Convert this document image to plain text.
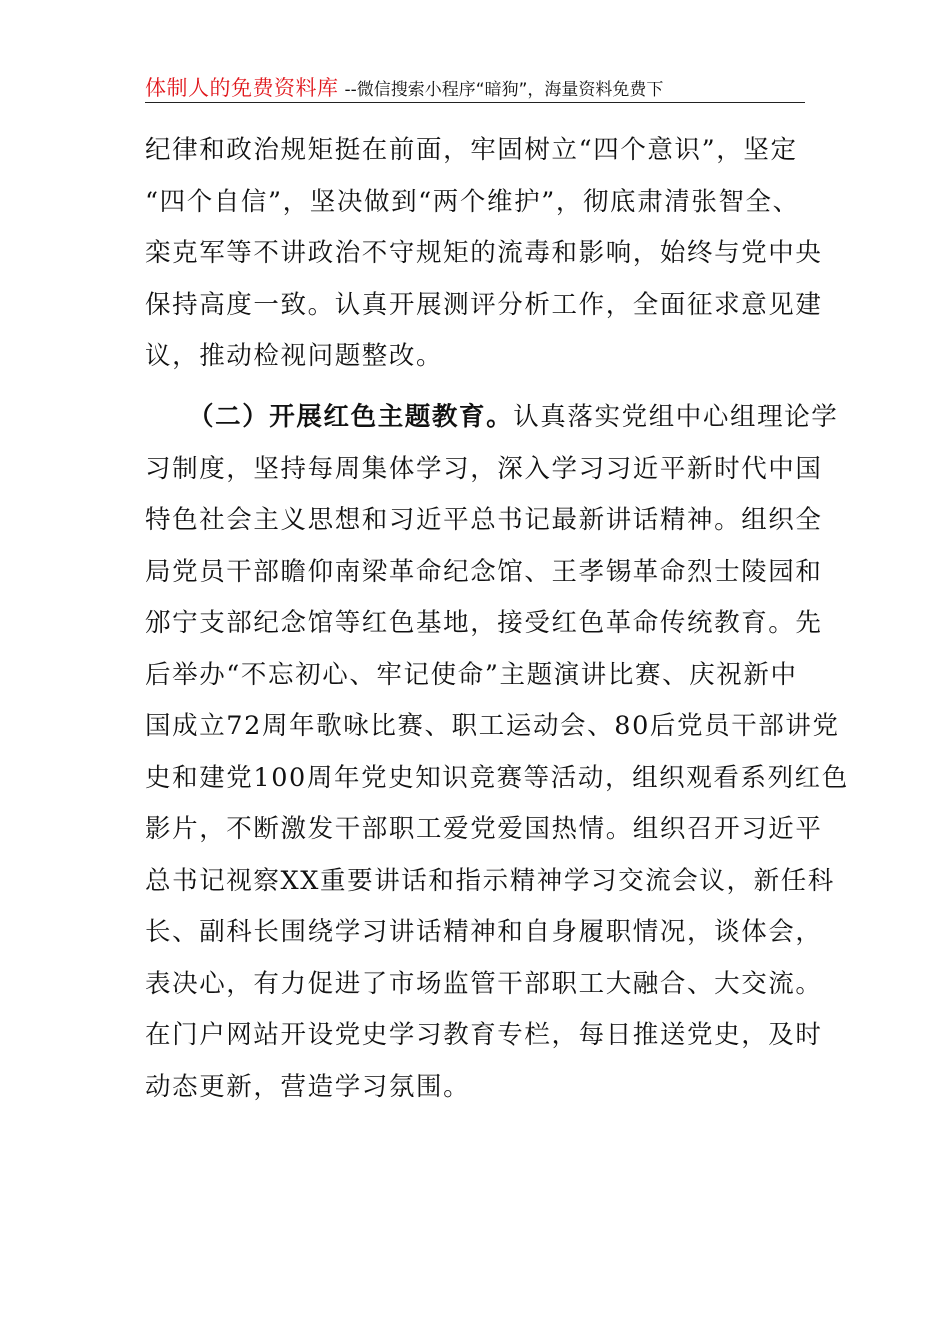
体制人的免费资料库 --微信搜索小程序“暗狗”，海量资料免费下
纪律和政治规矩挺在前面，牢固树立“四个意识”，坚定
“四个自信”，坚决做到“两个维护”，彻底肃清张智全、
栾克军等不讲政治不守规矩的流毒和影响，始终与党中央
保持高度一致。认真开展测评分析工作，全面征求意见建
议，推动检视问题整改。
（二）开展红色主题教育。认真落实党组中心组理论学
习制度，坚持每周集体学习，深入学习习近平新时代中国
特色社会主义思想和习近平总书记最新讲话精神。组织全
局党员干部瞻仰南梁革命纪念馆、王孝锡革命烈士陵园和
邠宁支部纪念馆等红色基地，接受红色革命传统教育。先
后举办“不忘初心、牢记使命”主题演讲比赛、庆祝新中
国成立72周年歌咏比赛、职工运动会、80后党员干部讲党
史和建党100周年党史知识竞赛等活动，组织观看系列红色
影片，不断激发干部职工爱党爱国热情。组织召开习近平
总书记视察XX重要讲话和指示精神学习交流会议，新任科
长、副科长围绕学习讲话精神和自身履职情况，谈体会，
表决心，有力促进了市场监管干部职工大融合、大交流。
在门户网站开设党史学习教育专栏，每日推送党史，及时
动态更新，营造学习氛围。
